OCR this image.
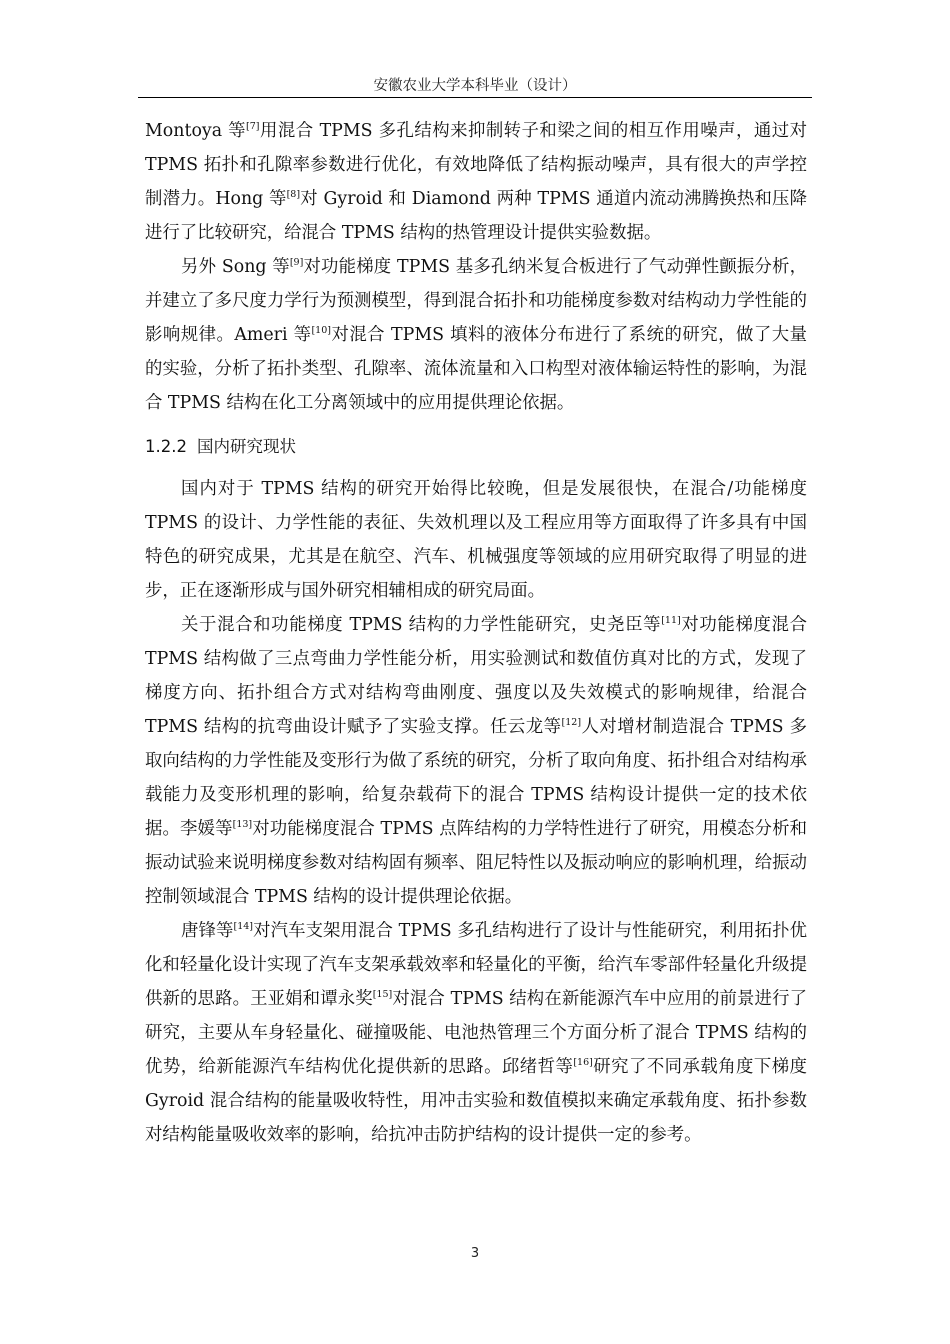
安徽农业大学本科毕业（设计）

Montoya 等[7]用混合 TPMS 多孔结构来抑制转子和梁之间的相互作用噪声，通过对 TPMS 拓扑和孔隙率参数进行优化，有效地降低了结构振动噪声，具有很大的声学控制潜力。Hong 等[8]对 Gyroid 和 Diamond 两种 TPMS 通道内流动沸腾换热和压降进行了比较研究，给混合 TPMS 结构的热管理设计提供实验数据。

另外 Song 等[9]对功能梯度 TPMS 基多孔纳米复合板进行了气动弹性颤振分析，并建立了多尺度力学行为预测模型，得到混合拓扑和功能梯度参数对结构动力学性能的影响规律。Ameri 等[10]对混合 TPMS 填料的液体分布进行了系统的研究，做了大量的实验，分析了拓扑类型、孔隙率、流体流量和入口构型对液体输运特性的影响，为混合 TPMS 结构在化工分离领域中的应用提供理论依据。

1.2.2 国内研究现状

国内对于 TPMS 结构的研究开始得比较晚，但是发展很快，在混合/功能梯度 TPMS 的设计、力学性能的表征、失效机理以及工程应用等方面取得了许多具有中国特色的研究成果，尤其是在航空、汽车、机械强度等领域的应用研究取得了明显的进步，正在逐渐形成与国外研究相辅相成的研究局面。

关于混合和功能梯度 TPMS 结构的力学性能研究，史尧臣等[11]对功能梯度混合 TPMS 结构做了三点弯曲力学性能分析，用实验测试和数值仿真对比的方式，发现了梯度方向、拓扑组合方式对结构弯曲刚度、强度以及失效模式的影响规律，给混合 TPMS 结构的抗弯曲设计赋予了实验支撑。任云龙等[12]人对增材制造混合 TPMS 多取向结构的力学性能及变形行为做了系统的研究，分析了取向角度、拓扑组合对结构承载能力及变形机理的影响，给复杂载荷下的混合 TPMS 结构设计提供一定的技术依据。李媛等[13]对功能梯度混合 TPMS 点阵结构的力学特性进行了研究，用模态分析和振动试验来说明梯度参数对结构固有频率、阻尼特性以及振动响应的影响机理，给振动控制领域混合 TPMS 结构的设计提供理论依据。

唐锋等[14]对汽车支架用混合 TPMS 多孔结构进行了设计与性能研究，利用拓扑优化和轻量化设计实现了汽车支架承载效率和轻量化的平衡，给汽车零部件轻量化升级提供新的思路。王亚娟和谭永奖[15]对混合 TPMS 结构在新能源汽车中应用的前景进行了研究，主要从车身轻量化、碰撞吸能、电池热管理三个方面分析了混合 TPMS 结构的优势，给新能源汽车结构优化提供新的思路。邱绪哲等[16]研究了不同承载角度下梯度 Gyroid 混合结构的能量吸收特性，用冲击实验和数值模拟来确定承载角度、拓扑参数对结构能量吸收效率的影响，给抗冲击防护结构的设计提供一定的参考。

3
